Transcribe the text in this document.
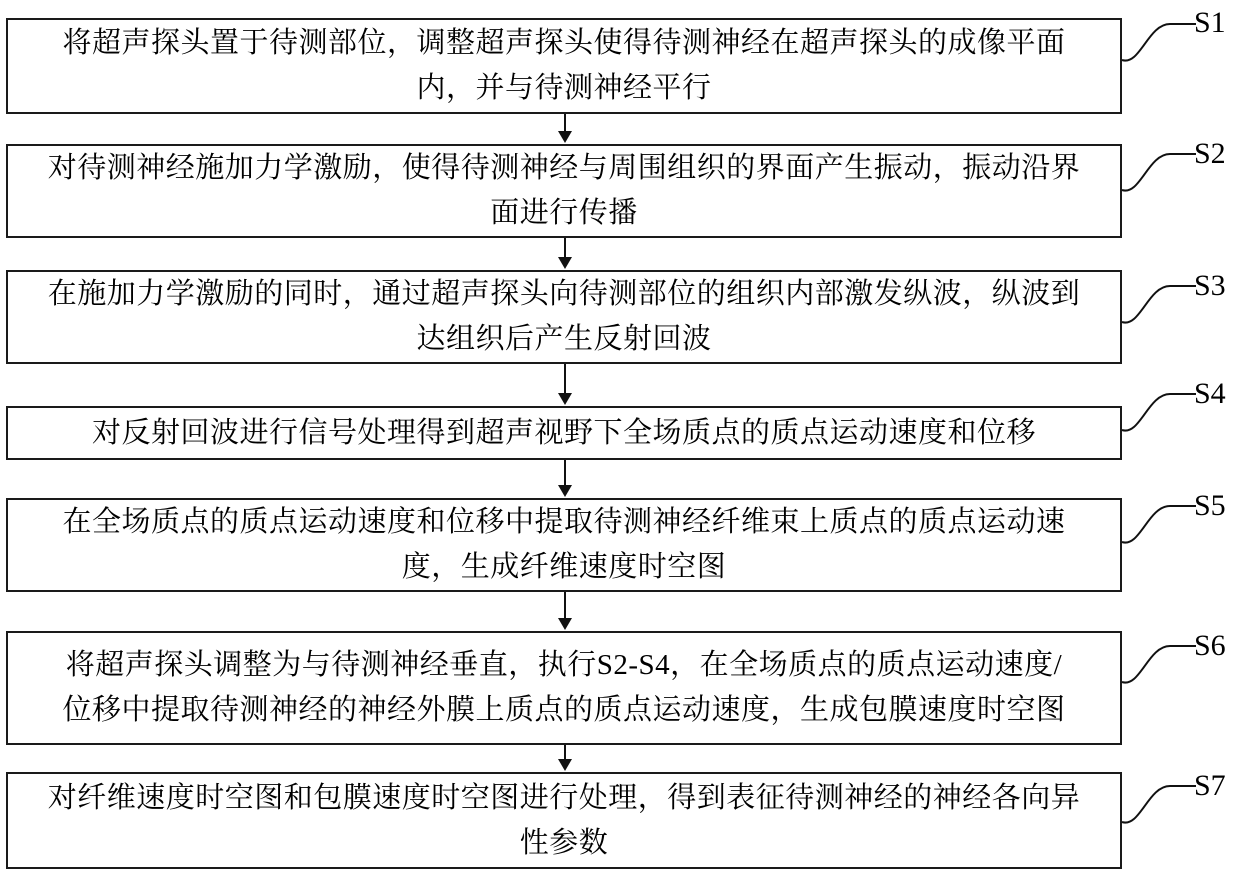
将超声探头置于待测部位，调整超声探头使得待测神经在超声探头的成像平面
内，并与待测神经平行
对待测神经施加力学激励，使得待测神经与周围组织的界面产生振动，振动沿界
面进行传播
在施加力学激励的同时，通过超声探头向待测部位的组织内部激发纵波，纵波到
达组织后产生反射回波
对反射回波进行信号处理得到超声视野下全场质点的质点运动速度和位移
在全场质点的质点运动速度和位移中提取待测神经纤维束上质点的质点运动速
度，生成纤维速度时空图
将超声探头调整为与待测神经垂直，执行S2-S4，在全场质点的质点运动速度/
位移中提取待测神经的神经外膜上质点的质点运动速度，生成包膜速度时空图
对纤维速度时空图和包膜速度时空图进行处理，得到表征待测神经的神经各向异
性参数
S1
S2
S3
S4
S5
S6
S7
